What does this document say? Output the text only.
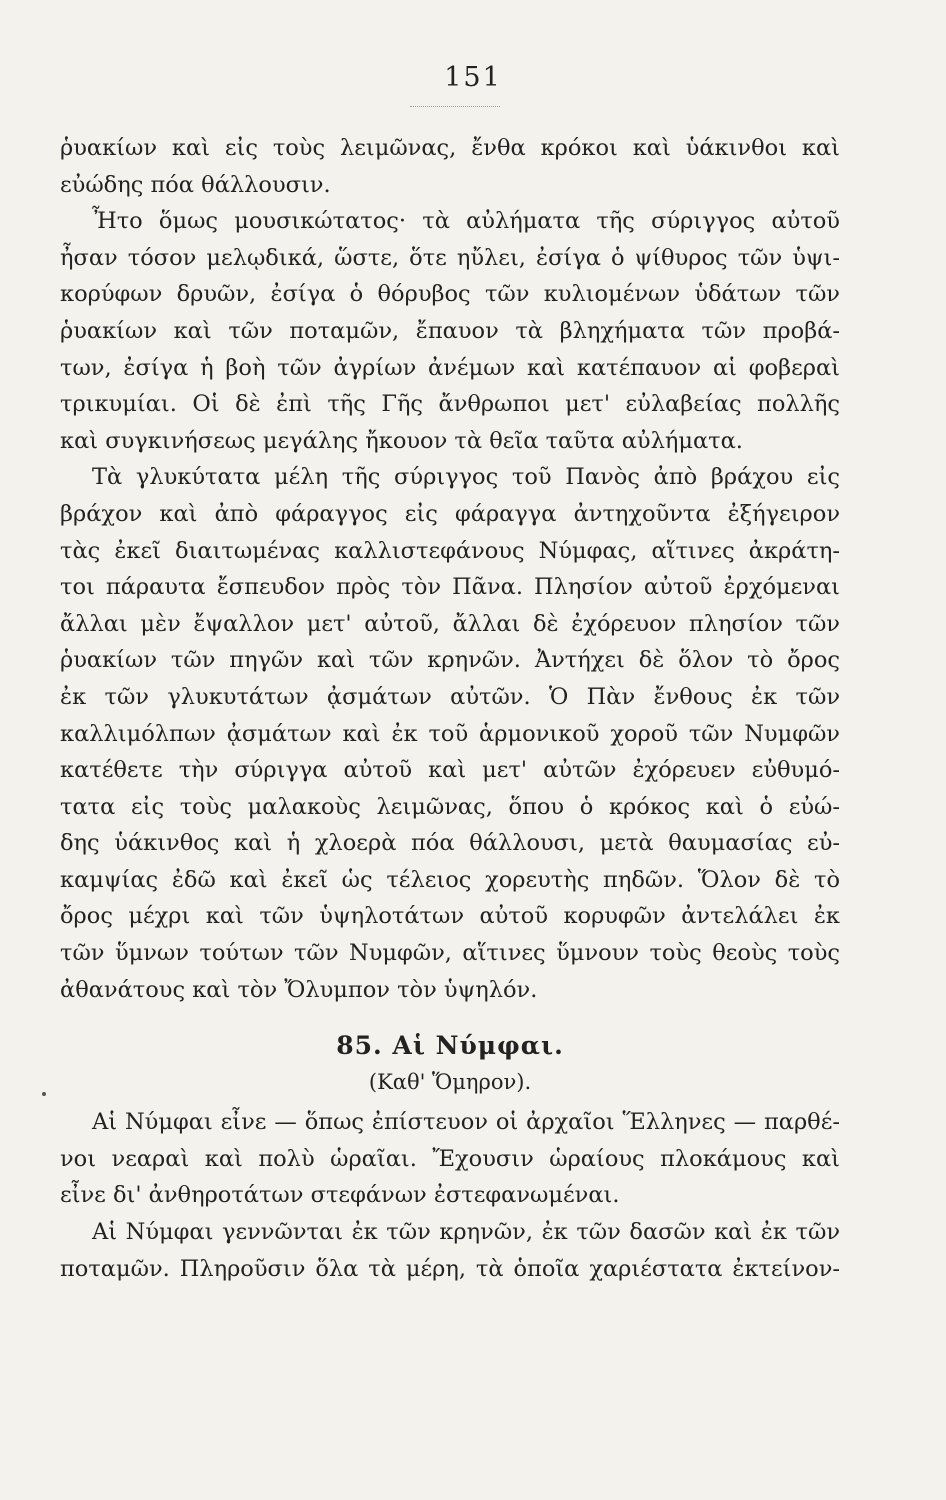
151
ῥυακίων καὶ εἰς τοὺς λειμῶνας, ἔνθα κρόκοι καὶ ὑάκινθοι καὶ
εὐώδης πόα θάλλουσιν.
Ἦτο ὅμως μουσικώτατος· τὰ αὐλήματα τῆς σύριγγος αὐτοῦ
ἦσαν τόσον μελῳδικά, ὥστε, ὅτε ηὔλει, ἐσίγα ὁ ψίθυρος τῶν ὑψι-
κορύφων δρυῶν, ἐσίγα ὁ θόρυβος τῶν κυλιομένων ὑδάτων τῶν
ῥυακίων καὶ τῶν ποταμῶν, ἔπαυον τὰ βληχήματα τῶν προβά-
των, ἐσίγα ἡ βοὴ τῶν ἀγρίων ἀνέμων καὶ κατέπαυον αἱ φοβεραὶ
τρικυμίαι. Οἱ δὲ ἐπὶ τῆς Γῆς ἄνθρωποι μετ' εὐλαβείας πολλῆς
καὶ συγκινήσεως μεγάλης ἤκουον τὰ θεῖα ταῦτα αὐλήματα.
Τὰ γλυκύτατα μέλη τῆς σύριγγος τοῦ Πανὸς ἀπὸ βράχου εἰς
βράχον καὶ ἀπὸ φάραγγος εἰς φάραγγα ἀντηχοῦντα ἐξήγειρον
τὰς ἐκεῖ διαιτωμένας καλλιστεφάνους Νύμφας, αἵτινες ἀκράτη-
τοι πάραυτα ἔσπευδον πρὸς τὸν Πᾶνα. Πλησίον αὐτοῦ ἐρχόμεναι
ἄλλαι μὲν ἔψαλλον μετ' αὐτοῦ, ἄλλαι δὲ ἐχόρευον πλησίον τῶν
ῥυακίων τῶν πηγῶν καὶ τῶν κρηνῶν. Ἀντήχει δὲ ὅλον τὸ ὄρος
ἐκ τῶν γλυκυτάτων ᾀσμάτων αὐτῶν. Ὁ Πὰν ἔνθους ἐκ τῶν
καλλιμόλπων ᾀσμάτων καὶ ἐκ τοῦ ἁρμονικοῦ χοροῦ τῶν Νυμφῶν
κατέθετε τὴν σύριγγα αὐτοῦ καὶ μετ' αὐτῶν ἐχόρευεν εὐθυμό-
τατα εἰς τοὺς μαλακοὺς λειμῶνας, ὅπου ὁ κρόκος καὶ ὁ εὐώ-
δης ὑάκινθος καὶ ἡ χλοερὰ πόα θάλλουσι, μετὰ θαυμασίας εὐ-
καμψίας ἐδῶ καὶ ἐκεῖ ὡς τέλειος χορευτὴς πηδῶν. Ὅλον δὲ τὸ
ὄρος μέχρι καὶ τῶν ὑψηλοτάτων αὐτοῦ κορυφῶν ἀντελάλει ἐκ
τῶν ὕμνων τούτων τῶν Νυμφῶν, αἵτινες ὕμνουν τοὺς θεοὺς τοὺς
ἀθανάτους καὶ τὸν Ὄλυμπον τὸν ὑψηλόν.
85. Αἱ Νύμφαι.
(Καθ' Ὅμηρον).
Αἱ Νύμφαι εἶνε — ὅπως ἐπίστευον οἱ ἀρχαῖοι Ἕλληνες — παρθέ-
νοι νεαραὶ καὶ πολὺ ὡραῖαι. Ἔχουσιν ὡραίους πλοκάμους καὶ
εἶνε δι' ἀνθηροτάτων στεφάνων ἐστεφανωμέναι.
Αἱ Νύμφαι γεννῶνται ἐκ τῶν κρηνῶν, ἐκ τῶν δασῶν καὶ ἐκ τῶν
ποταμῶν. Πληροῦσιν ὅλα τὰ μέρη, τὰ ὁποῖα χαριέστατα ἐκτείνον-
